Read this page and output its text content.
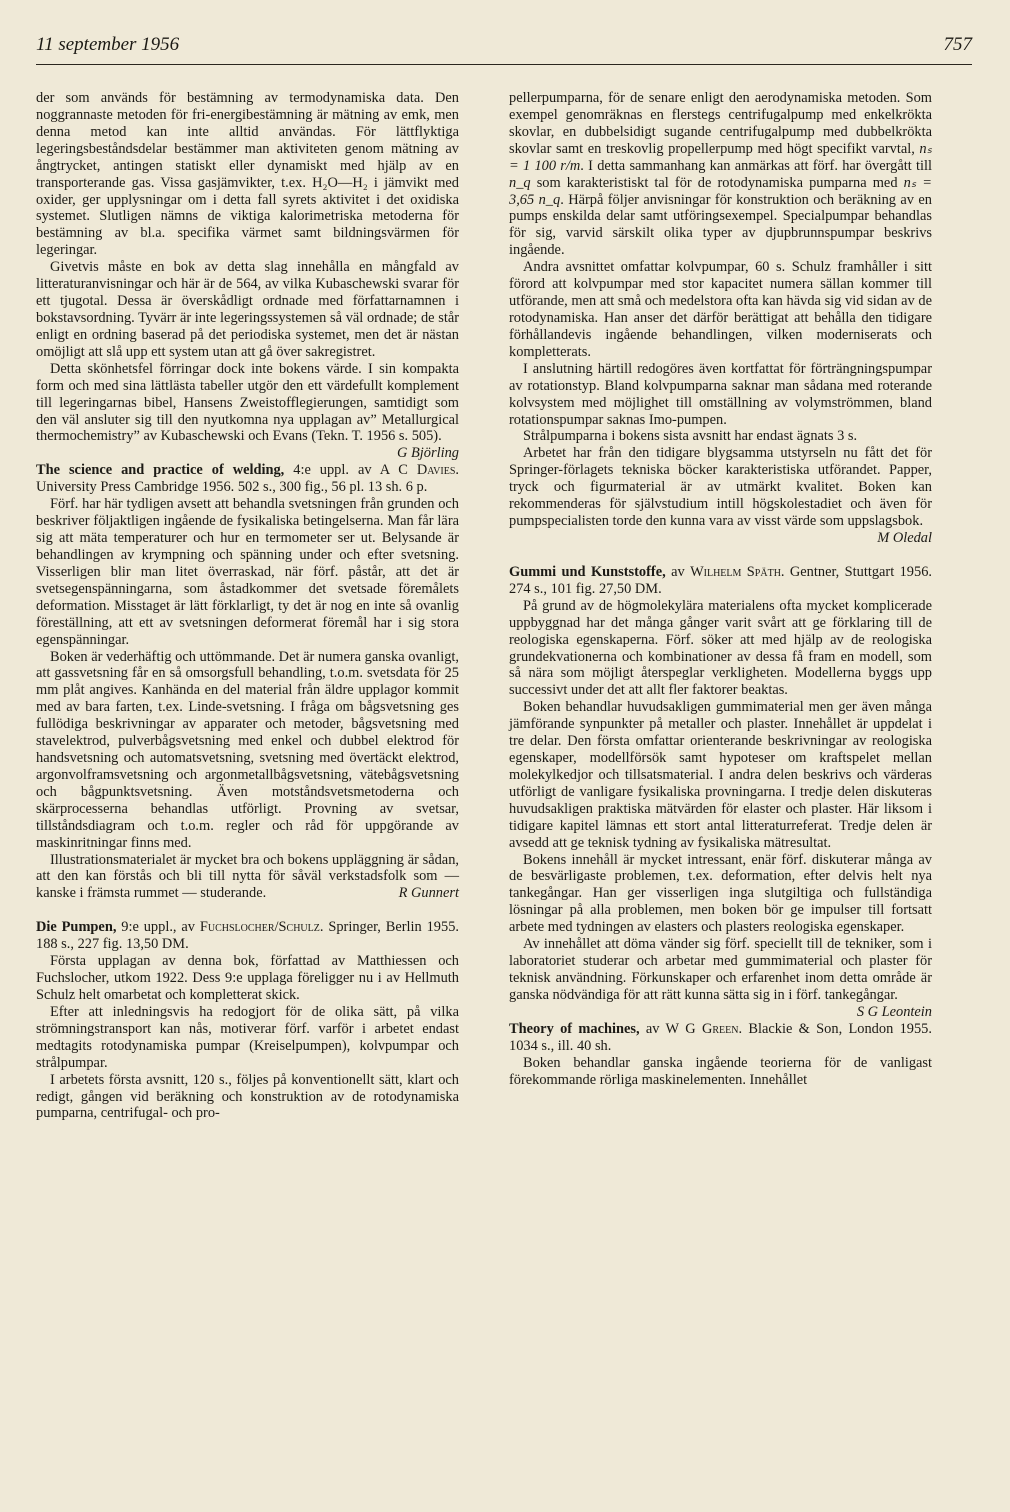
11 september 1956	757

der som används för bestämning av termodynamiska data. Den noggrannaste metoden för fri-energibestämning är mätning av emk, men denna metod kan inte alltid användas. För lättflyktiga legeringsbeståndsdelar bestämmer man aktiviteten genom mätning av ångtrycket, antingen statiskt eller dynamiskt med hjälp av en transporterande gas. Vissa gasjämvikter, t.ex. H₂O—H₂ i jämvikt med oxider, ger upplysningar om i detta fall syrets aktivitet i det oxidiska systemet. Slutligen nämns de viktiga kalorimetriska metoderna för bestämning av bl.a. specifika värmet samt bildningsvärmen för legeringar.

Givetvis måste en bok av detta slag innehålla en mångfald av litteraturanvisningar och här är de 564, av vilka Kubaschewski svarar för ett tjugotal. Dessa är överskådligt ordnade med författarnamnen i bokstavsordning. Tyvärr är inte legeringssystemen så väl ordnade; de står enligt en ordning baserad på det periodiska systemet, men det är nästan omöjligt att slå upp ett system utan att gå över sakregistret.

Detta skönhetsfel förringar dock inte bokens värde. I sin kompakta form och med sina lättlästa tabeller utgör den ett värdefullt komplement till legeringarnas bibel, Hansens Zweistofflegierungen, samtidigt som den väl ansluter sig till den nyutkomna nya upplagan av” Metallurgical thermochemistry” av Kubaschewski och Evans (Tekn. T. 1956 s. 505).
G Björling

The science and practice of welding, 4:e uppl. av A C Davies. University Press Cambridge 1956. 502 s., 300 fig., 56 pl. 13 sh. 6 p.

Förf. har här tydligen avsett att behandla svetsningen från grunden och beskriver följaktligen ingående de fysikaliska betingelserna. Man får lära sig att mäta temperaturer och hur en termometer ser ut. Belysande är behandlingen av krympning och spänning under och efter svetsning. Visserligen blir man litet överraskad, när förf. påstår, att det är svetsegenspänningarna, som åstadkommer det svetsade föremålets deformation. Misstaget är lätt förklarligt, ty det är nog en inte så ovanlig föreställning, att ett av svetsningen deformerat föremål har i sig stora egenspänningar.

Boken är vederhäftig och uttömmande. Det är numera ganska ovanligt, att gassvetsning får en så omsorgsfull behandling, t.o.m. svetsdata för 25 mm plåt angives. Kanhända en del material från äldre upplagor kommit med av bara farten, t.ex. Linde-svetsning. I fråga om bågsvetsning ges fullödiga beskrivningar av apparater och metoder, bågsvetsning med stavelektrod, pulverbågsvetsning med enkel och dubbel elektrod för handsvetsning och automatsvetsning, svetsning med övertäckt elektrod, argonvolframsvetsning och argonmetallbågsvetsning, vätebågsvetsning och bågpunktsvetsning. Även motståndsvetsmetoderna och skärprocesserna behandlas utförligt. Provning av svetsar, tillståndsdiagram och t.o.m. regler och råd för uppgörande av maskinritningar finns med.

Illustrationsmaterialet är mycket bra och bokens uppläggning är sådan, att den kan förstås och bli till nytta för såväl verkstadsfolk som — kanske i främsta rummet — studerande.	R Gunnert

Die Pumpen, 9:e uppl., av Fuchslocher/Schulz. Springer, Berlin 1955. 188 s., 227 fig. 13,50 DM.

Första upplagan av denna bok, författad av Matthiessen och Fuchslocher, utkom 1922. Dess 9:e upplaga föreligger nu i av Hellmuth Schulz helt omarbetat och kompletterat skick.

Efter att inledningsvis ha redogjort för de olika sätt, på vilka strömningstransport kan nås, motiverar förf. varför i arbetet endast medtagits rotodynamiska pumpar (Kreiselpumpen), kolvpumpar och strålpumpar.

I arbetets första avsnitt, 120 s., följes på konventionellt sätt, klart och redigt, gången vid beräkning och konstruktion av de rotodynamiska pumparna, centrifugal- och pro-

pellerpumparna, för de senare enligt den aerodynamiska metoden. Som exempel genomräknas en flerstegs centrifugalpump med enkelkrökta skovlar, en dubbelsidigt sugande centrifugalpump med dubbelkrökta skovlar samt en treskovlig propellerpump med högt specifikt varvtal, nₛ = 1 100 r/m. I detta sammanhang kan anmärkas att förf. har övergått till n_q som karakteristiskt tal för de rotodynamiska pumparna med nₛ = 3,65 n_q. Härpå följer anvisningar för konstruktion och beräkning av en pumps enskilda delar samt utföringsexempel. Specialpumpar behandlas för sig, varvid särskilt olika typer av djupbrunnspumpar beskrivs ingående.

Andra avsnittet omfattar kolvpumpar, 60 s. Schulz framhåller i sitt förord att kolvpumpar med stor kapacitet numera sällan kommer till utförande, men att små och medelstora ofta kan hävda sig vid sidan av de rotodynamiska. Han anser det därför berättigat att behålla den tidigare förhållandevis ingående behandlingen, vilken moderniserats och kompletterats.

I anslutning härtill redogöres även kortfattat för förträngningspumpar av rotationstyp. Bland kolvpumparna saknar man sådana med roterande kolvsystem med möjlighet till omställning av volymströmmen, bland rotationspumpar saknas Imo-pumpen.

Strålpumparna i bokens sista avsnitt har endast ägnats 3 s.

Arbetet har från den tidigare blygsamma utstyrseln nu fått det för Springer-förlagets tekniska böcker karakteristiska utförandet. Papper, tryck och figurmaterial är av utmärkt kvalitet. Boken kan rekommenderas för självstudium intill högskolestadiet och även för pumpspecialisten torde den kunna vara av visst värde som uppslagsbok.

M Oledal

Gummi und Kunststoffe, av Wilhelm Späth. Gentner, Stuttgart 1956. 274 s., 101 fig. 27,50 DM.

På grund av de högmolekylära materialens ofta mycket komplicerade uppbyggnad har det många gånger varit svårt att ge förklaring till de reologiska egenskaperna. Förf. söker att med hjälp av de reologiska grundekvationerna och kombinationer av dessa få fram en modell, som så nära som möjligt återspeglar verkligheten. Modellerna byggs upp successivt under det att allt fler faktorer beaktas.

Boken behandlar huvudsakligen gummimaterial men ger även många jämförande synpunkter på metaller och plaster. Innehållet är uppdelat i tre delar. Den första omfattar orienterande beskrivningar av reologiska egenskaper, modellförsök samt hypoteser om kraftspelet mellan molekylkedjor och tillsatsmaterial. I andra delen beskrivs och värderas utförligt de vanligare fysikaliska provningarna. I tredje delen diskuteras huvudsakligen praktiska mätvärden för elaster och plaster. Här liksom i tidigare kapitel lämnas ett stort antal litteraturreferat. Tredje delen är avsedd att ge teknisk tydning av fysikaliska mätresultat.

Bokens innehåll är mycket intressant, enär förf. diskuterar många av de besvärligaste problemen, t.ex. deformation, efter delvis helt nya tankegångar. Han ger visserligen inga slutgiltiga och fullständiga lösningar på alla problemen, men boken bör ge impulser till fortsatt arbete med tydningen av elasters och plasters reologiska egenskaper.

Av innehållet att döma vänder sig förf. speciellt till de tekniker, som i laboratoriet studerar och arbetar med gummimaterial och plaster för teknisk användning. Förkunskaper och erfarenhet inom detta område är ganska nödvändiga för att rätt kunna sätta sig in i förf. tankegångar.
S G Leontein

Theory of machines, av W G Green. Blackie & Son, London 1955. 1034 s., ill. 40 sh.

Boken behandlar ganska ingående teorierna för de vanligast förekommande rörliga maskinelementen. Innehållet
